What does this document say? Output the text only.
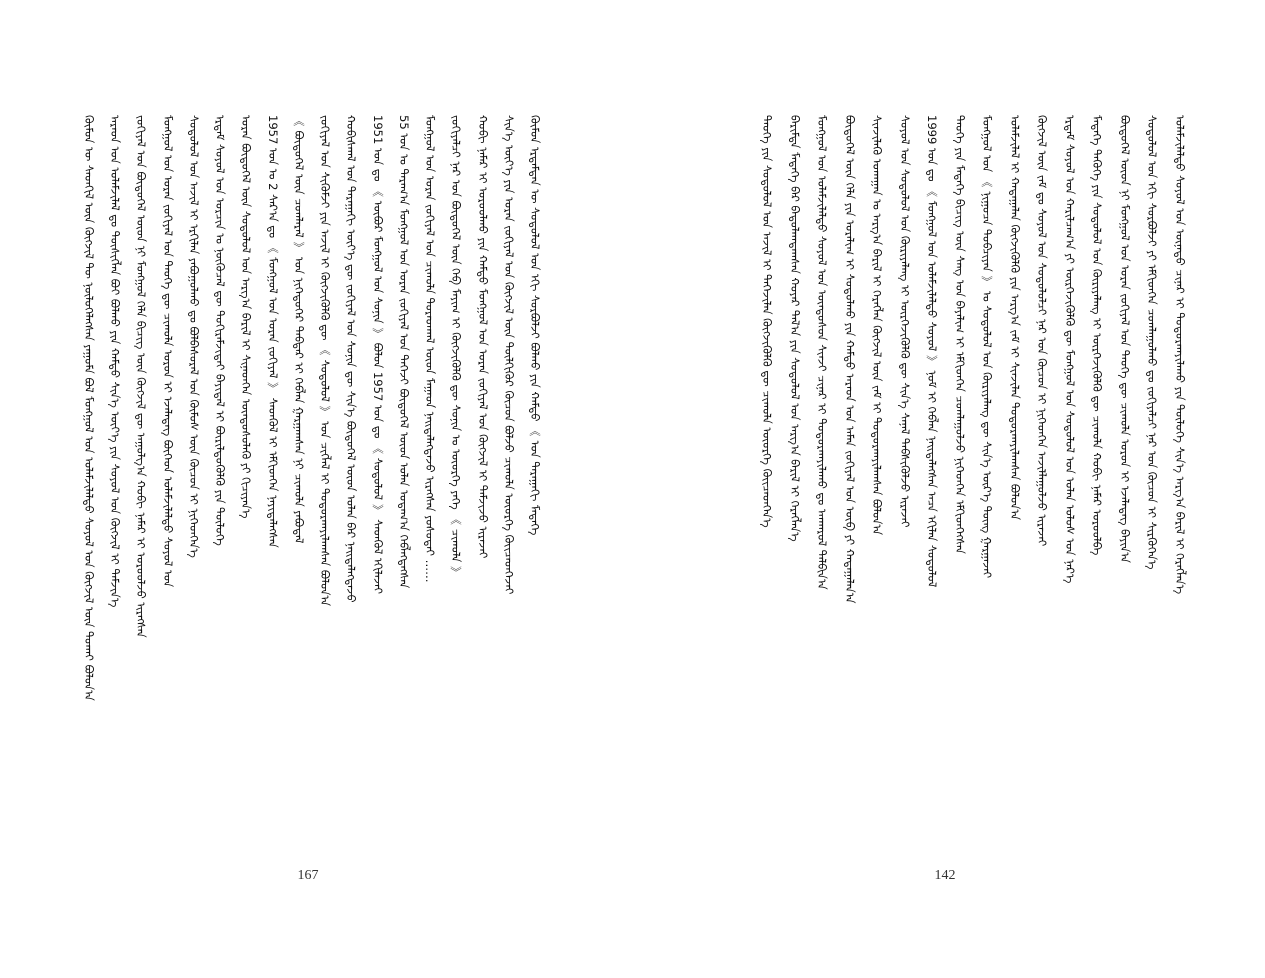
ᠬᠦᠮᠦᠨ ᠦ ᠰᠡᠳᠬᠢᠯ ᠦᠨ ᠬᠦᠭᠵᠢᠯ ᠲᠦ ᠨᠦᠯᠦᠭᠡᠯᠡᠭᠰᠡᠨ ᠶᠠᠭᠤᠮᠠ ᠪᠣᠯ ᠮᠣᠩᠭᠣᠯ ᠤᠨ ᠤᠯᠠᠮᠵᠢᠯᠠᠯᠲᠤ ᠰᠣᠶᠤᠯ ᠤᠨ ᠬᠥᠭᠵᠢᠯ ᠦᠨ ᠲᠤᠬᠠᠢ ᠪᠣᠯᠤᠨ᠎ᠠ ᠠᠷᠠᠳ ᠤᠨ ᠤᠯᠠᠮᠵᠢᠯᠠᠯ ᠳᠤ ᠲᠦᠰᠢᠭᠯᠡᠨ ᠪᠤᠢ ᠪᠣᠯᠬᠤ ᠶᠢᠨ ᠬᠠᠮᠲᠤ ᠰᠢᠨ᠎ᠡ ᠦᠶ᠎ᠡ ᠶᠢᠨ ᠰᠣᠶᠤᠯ ᠤᠨ ᠬᠥᠭᠵᠢᠯ ᠢ ᠳᠡᠮᠵᠢᠨ᠎ᠡ ᠵᠣᠬᠢᠶᠠᠯ ᠤᠨ ᠪᠦᠲᠦᠭᠡᠯ ᠦᠳ ᠨᠢ ᠮᠣᠩᠭᠣᠯ ᠬᠡᠯᠡ ᠪᠢᠴᠢᠭ ᠦᠨ ᠬᠥᠭᠵᠢᠯ ᠳᠦ ᠠᠭᠤᠯᠭ᠎ᠠ ᠬᠤᠪᠢ ᠨᠡᠮᠡᠷ ᠢ ᠣᠷᠤᠤᠯᠵᠤ ᠢᠷᠡᠭᠰᠡᠨ ᠮᠣᠩᠭᠣᠯ ᠤᠨ ᠤᠷᠠᠨ ᠵᠣᠬᠢᠶᠠᠯ ᠤᠨ ᠲᠡᠦᠬᠡ ᠳᠦ ᠴᠢᠬᠤᠯᠠ ᠤᠷᠤᠨ ᠢ ᠡᠵᠡᠯᠡᠳᠡᠭ ᠪᠥᠭᠡᠳ ᠤᠯᠠᠮᠵᠢᠯᠠᠯᠲᠤ ᠰᠣᠶᠤᠯ ᠤᠨ ᠰᠤᠳᠤᠯᠤᠯ ᠤᠨ ᠠᠵᠢᠯ ᠢ ᠡᠷᠬᠢᠯᠡᠨ ᠶᠠᠪᠤᠭᠤᠯᠬᠤ ᠳᠤ ᠪᠣᠯᠪᠠᠰᠤᠷᠠᠯ ᠤᠨ ᠬᠦᠮᠦᠰ ᠦᠨ ᠬᠦᠴᠦᠨ ᠢ ᠨᠢᠭᠡᠳᠬᠡᠨ᠎ᠡ ᠡᠷᠳᠡᠮ ᠰᠣᠶᠤᠯ ᠤᠨ ᠣᠷᠴᠢᠨ ᠤ ᠨᠥᠬᠦᠴᠡᠯ ᠳᠦ ᠲᠣᠬᠢᠷᠠᠮᠵᠢᠲᠠᠢ ᠪᠠᠶᠢᠳᠠᠯ ᠢ ᠪᠦᠷᠢᠯᠳᠦᠭᠦᠯᠬᠦ ᠶᠢᠨ ᠲᠥᠯᠥᠭᠡ ᠤᠷᠠᠨ ᠪᠦᠲᠦᠭᠡᠯ ᠦᠨ ᠰᠤᠳᠤᠯᠤᠯ ᠤᠨ ᠠᠷᠭ᠎ᠠ ᠪᠠᠷᠢᠯ ᠢ ᠰᠢᠨᠡᠳᠭᠡᠨ ᠦᠨᠳᠦᠰᠦᠯᠡᠬᠦ ᠶᠢ ᠬᠢᠴᠢᠶᠡᠨ᠎ᠡ 1957 ᠣᠨ ᠤ 2 ᠰᠠᠷ᠎ᠠ ᠳᠤ 《 ᠮᠣᠩᠭᠣᠯ ᠤᠨ ᠤᠷᠠᠨ ᠵᠣᠬᠢᠶᠠᠯ 》 ᠰᠡᠳᠬᠦᠯ ᠢ ᠡᠮᠬᠢᠳᠬᠡᠨ ᠨᠡᠶᠢᠲᠡᠯᠡᠭᠰᠡᠨ 《 ᠪᠦᠲᠦᠭᠡᠯ ᠦᠨ ᠴᠤᠭᠯᠠᠷᠠᠯ 》 ᠤᠨ ᠨᠢᠭᠡᠳᠦᠭᠡᠷ ᠳᠡᠪᠲᠡᠷ ᠢ ᠬᠡᠪᠯᠡᠨ ᠭᠠᠷᠭᠠᠭᠰᠠᠨ ᠨᠢ ᠴᠢᠬᠤᠯᠠ ᠶᠠᠪᠤᠳᠠᠯ ᠵᠣᠬᠢᠶᠠᠯ ᠤᠨ ᠰᠢᠭᠦᠮᠵᠢ ᠶᠢᠨ ᠠᠵᠢᠯ ᠢ ᠬᠥᠭᠵᠢᠭᠦᠯᠬᠦ ᠳᠦ 《 ᠰᠤᠳᠤᠯᠤᠯ 》 ᠤᠨ ᠴᠢᠭᠯᠡᠯ ᠢ ᠲᠣᠳᠤᠷᠬᠠᠶᠢᠯᠠᠭᠰᠠᠨ ᠪᠣᠯᠤᠨ᠎ᠠ ᠬᠤᠪᠢᠰᠬᠠᠯ ᠤᠨ ᠳᠠᠷᠠᠭᠠᠬᠢ ᠦᠶ᠎ᠡ ᠳᠦ ᠵᠣᠬᠢᠶᠠᠯ ᠤᠨ ᠰᠣᠨᠢᠨ ᠳᠦ ᠰᠢᠨ᠎ᠡ ᠪᠦᠲᠦᠭᠡᠯ ᠦᠳ ᠣᠯᠠᠨ ᠪᠡᠷ ᠨᠡᠢᠲᠡᠯᠡᠭᠳᠡᠵᠦ 1951 ᠣᠨ ᠳᠤ 《 ᠥᠪᠦᠷ ᠮᠣᠩᠭᠣᠯ ᠤᠨ ᠰᠣᠨᠢᠨ 》 ᠪᠣᠯᠤᠨ 1957 ᠣᠨ ᠳᠤ 《 ᠰᠤᠳᠤᠯᠤᠯ 》 ᠰᠡᠳᠬᠦᠯ ᠡᠬᠢᠯᠡᠵᠡᠢ 55 ᠣᠨ ᠤ ᠳᠠᠷᠠᠭ᠎ᠠ ᠮᠣᠩᠭᠣᠯ ᠤᠨ ᠤᠷᠠᠨ ᠵᠣᠬᠢᠶᠠᠯ ᠤᠨ ᠳᠡᠭᠡᠵᠢ ᠪᠦᠲᠦᠭᠡᠯ ᠦᠳ ᠣᠯᠠᠨ ᠤᠳᠠᠭ᠎ᠠ ᠬᠡᠪᠯᠡᠭᠳᠡᠭᠰᠡᠨ ᠮᠣᠩᠭᠣᠯ ᠤᠨ ᠤᠷᠠᠨ ᠵᠣᠬᠢᠶᠠᠯ ᠤᠨ ᠴᠢᠬᠤᠯᠠ ᠳᠤᠷᠠᠳᠬᠠᠯ ᠦᠳ ᠮᠠᠭᠠᠳ ᠨᠡᠢᠲᠡᠯᠡᠭᠳᠡᠵᠦ ᠢᠷᠡᠭᠰᠡᠨ ᠶᠣᠰᠣᠲᠠᠢ …… ᠵᠣᠬᠢᠶᠠᠯᠴᠢ ᠨᠠᠷ ᠤᠨ ᠪᠦᠲᠦᠭᠡᠯ ᠦᠨ ᠬᠡᠪ ᠮᠠᠶᠢᠭ ᠢ ᠬᠥᠭᠵᠢᠭᠦᠯᠬᠦ ᠳᠦ ᠰᠣᠨᠢᠨ ᠤ ᠦᠦᠷᠭᠡ ᠶᠡᠬᠡ 《 ᠴᠢᠬᠤᠯᠠ 》 ᠬᠤᠪᠢ ᠨᠡᠮᠡᠷ ᠢ ᠣᠷᠤᠤᠯᠬᠤ ᠶᠢᠨ ᠬᠠᠮᠲᠤ ᠮᠣᠩᠭᠣᠯ ᠤᠨ ᠤᠷᠠᠨ ᠵᠣᠬᠢᠶᠠᠯ ᠤᠨ ᠬᠥᠭᠵᠢᠯ ᠢ ᠳᠡᠮᠵᠢᠵᠦ ᠢᠷᠡᠵᠡᠢ ᠰᠢᠨ᠎ᠡ ᠦᠶ᠎ᠡ ᠶᠢᠨ ᠤᠷᠠᠨ ᠵᠣᠬᠢᠶᠠᠯ ᠤᠨ ᠬᠥᠭᠵᠢᠯ ᠦᠨ ᠲᠦᠯᠬᠢᠭᠦᠷ ᠬᠦᠴᠦᠨ ᠪᠣᠯᠵᠤ ᠴᠢᠬᠤᠯᠠ ᠦᠦᠷᠭᠡ ᠭᠦᠢᠴᠡᠳᠭᠡᠵᠡᠢ ᠬᠦᠮᠦᠨ ᠡᠷᠳᠡᠮᠲᠡᠨ ᠦ ᠰᠤᠳᠤᠯᠤᠯ ᠤᠨ ᠡᠬᠢ ᠰᠤᠷᠪᠤᠯᠵᠢ ᠪᠣᠯᠬᠤ ᠶᠢᠨ ᠬᠠᠮᠲᠤ 《 ᠣᠨ ᠳᠠᠷᠠᠭᠠᠬᠢ ᠮᠡᠳᠡᠭᠡ
167
ᠲᠡᠦᠬᠡ ᠶᠢᠨ ᠰᠤᠳᠤᠯᠤᠯ ᠤᠨ ᠠᠵᠢᠯ ᠢ ᠳᠡᠭᠡᠵᠢᠯᠡᠨ ᠬᠥᠭᠵᠢᠭᠦᠯᠬᠦ ᠳᠦ ᠴᠢᠬᠤᠯᠠ ᠦᠦᠷᠭᠡ ᠭᠦᠢᠴᠡᠳᠭᠡᠨ᠎ᠡ ᠪᠠᠷᠢᠮᠲᠠ ᠮᠡᠳᠡᠭᠡ ᠪᠠᠷ ᠪᠠᠲᠤᠯᠠᠭᠳᠠᠭᠰᠠᠨ ᠬᠣᠶᠠᠷ ᠲᠠᠯ᠎ᠠ ᠶᠢᠨ ᠰᠤᠳᠤᠯᠤᠯ ᠤᠨ ᠠᠷᠭ᠎ᠠ ᠪᠠᠷᠢᠯ ᠢ ᠬᠡᠷᠡᠭᠯᠡᠨ᠎ᠡ ᠮᠣᠩᠭᠣᠯ ᠤᠨ ᠤᠯᠠᠮᠵᠢᠯᠠᠯᠲᠤ ᠰᠣᠶᠤᠯ ᠤᠨ ᠦᠨᠳᠦᠰᠦᠨ ᠰᠢᠨᠵᠢ ᠴᠢᠨᠠᠷ ᠢ ᠲᠣᠳᠤᠷᠬᠠᠶᠢᠯᠠᠬᠤ ᠳᠤ ᠠᠨᠬᠠᠷᠤᠯ ᠲᠠᠯᠪᠢᠨ᠎ᠠ ᠪᠦᠲᠦᠭᠡᠯ ᠦᠨ ᠬᠡᠯᠡ ᠶᠢᠨ ᠤᠷᠠᠯᠢᠭ ᠢ ᠰᠤᠳᠤᠯᠬᠤ ᠶᠢᠨ ᠬᠠᠮᠲᠤ ᠠᠷᠠᠳ ᠤᠨ ᠠᠮᠠᠨ ᠵᠣᠬᠢᠶᠠᠯ ᠤᠨ ᠥᠪ ᠶᠢ ᠬᠠᠳᠠᠭᠠᠯᠠᠨ᠎ᠠ ᠰᠢᠨᠵᠢᠯᠡᠬᠦ ᠤᠬᠠᠭᠠᠨ ᠤ ᠠᠷᠭ᠎ᠠ ᠪᠠᠷᠢᠯ ᠢ ᠬᠡᠷᠡᠭᠯᠡᠨ ᠬᠥᠭᠵᠢᠯ ᠦᠨ ᠵᠠᠮ ᠢ ᠲᠣᠳᠤᠷᠬᠠᠶᠢᠯᠠᠭᠰᠠᠨ ᠪᠣᠯᠤᠨ᠎ᠠ ᠰᠣᠶᠤᠯ ᠤᠨ ᠰᠤᠳᠤᠯᠤᠯ ᠤᠨ ᠬᠦᠷᠢᠶᠡᠯᠡᠩ ᠢ ᠥᠷᠭᠡᠵᠢᠭᠦᠯᠬᠦ ᠳᠦ ᠰᠢᠨ᠎ᠡ ᠰᠠᠨᠠᠯ ᠳᠡᠪᠰᠢᠭᠦᠯᠵᠦ ᠢᠷᠡᠵᠡᠢ 1999 ᠣᠨ ᠳᠤ 《 ᠮᠣᠩᠭᠣᠯ ᠤᠨ ᠤᠯᠠᠮᠵᠢᠯᠠᠯᠲᠤ ᠰᠣᠶᠤᠯ 》 ᠨᠣᠮ ᠢ ᠬᠡᠪᠯᠡᠨ ᠨᠡᠢᠲᠡᠯᠡᠭᠰᠡᠨ ᠠᠴᠠ ᠡᠬᠢᠯᠡᠨ ᠰᠤᠳᠤᠯᠤᠯ ᠲᠡᠦᠬᠡ ᠶᠢᠨ ᠮᠡᠳᠡᠭᠡ ᠪᠢᠴᠢᠭ ᠦᠨ ᠰᠠᠩ ᠤᠨ ᠪᠠᠶᠠᠯᠢᠭ ᠢ ᠡᠮᠬᠢᠳᠬᠡᠨ ᠴᠤᠭᠯᠠᠭᠤᠯᠵᠤ ᠨᠢᠭᠡᠳᠬᠡᠨ ᠡᠮᠬᠢᠳᠬᠡᠭᠰᠡᠨ ᠮᠣᠩᠭᠣᠯ ᠤᠨ 《 ᠨᠢᠭᠤᠴᠠ ᠲᠣᠪᠴᠢᠶᠠᠨ 》 ᠤ ᠰᠤᠳᠤᠯᠤᠯ ᠤᠨ ᠬᠦᠷᠢᠶᠡᠯᠡᠩ ᠳᠦ ᠰᠢᠨ᠎ᠡ ᠦᠷ᠎ᠡ ᠳᠦᠩ ᠭᠠᠷᠭᠠᠵᠡᠢ ᠤᠯᠠᠮᠵᠢᠯᠠᠯ ᠢ ᠬᠠᠳᠠᠭᠠᠯᠠᠨ ᠬᠥᠭᠵᠢᠭᠦᠯᠬᠦ ᠶᠢᠨ ᠠᠷᠭ᠎ᠠ ᠵᠠᠮ ᠢ ᠰᠢᠨᠵᠢᠯᠡᠨ ᠲᠣᠳᠤᠷᠬᠠᠶᠢᠯᠠᠭᠰᠠᠨ ᠪᠣᠯᠤᠨ᠎ᠠ ᠬᠥᠭᠵᠢᠯ ᠦᠨ ᠵᠠᠮ ᠳᠤ ᠰᠣᠶᠤᠯ ᠤᠨ ᠰᠤᠳᠤᠯᠤᠯᠴᠢ ᠨᠠᠷ ᠤᠨ ᠬᠦᠴᠦᠨ ᠢ ᠨᠢᠭᠡᠳᠬᠡᠨ ᠠᠵᠢᠯᠯᠠᠭᠤᠯᠵᠤ ᠢᠷᠡᠵᠡᠢ ᠡᠷᠳᠡᠮ ᠰᠣᠶᠤᠯ ᠤᠨ ᠬᠠᠷᠢᠯᠴᠠᠭ᠎ᠠ ᠶᠢ ᠥᠷᠭᠡᠵᠢᠭᠦᠯᠬᠦ ᠳᠦ ᠮᠣᠩᠭᠣᠯ ᠤᠨ ᠰᠤᠳᠤᠯᠤᠯ ᠤᠨ ᠣᠯᠠᠨ ᠤᠯᠤᠰ ᠤᠨ ᠨᠡᠷ᠎ᠡ ᠮᠡᠳᠡᠭᠡ ᠲᠡᠭᠦᠬᠡ ᠶᠢᠨ ᠰᠤᠳᠤᠯᠤᠯ ᠤᠨ ᠬᠦᠷᠢᠶᠡᠯᠡᠩ ᠢ ᠥᠷᠭᠡᠵᠢᠭᠦᠯᠬᠦ ᠳᠦ ᠴᠢᠬᠤᠯᠠ ᠬᠤᠪᠢ ᠨᠡᠮᠡᠷ ᠣᠷᠤᠤᠯᠪᠠ ᠪᠦᠲᠦᠭᠡᠯ ᠦᠳ ᠨᠢ ᠮᠣᠩᠭᠣᠯ ᠤᠨ ᠤᠷᠠᠨ ᠵᠣᠬᠢᠶᠠᠯ ᠤᠨ ᠲᠡᠦᠬᠡ ᠳᠦ ᠴᠢᠬᠤᠯᠠ ᠤᠷᠤᠨ ᠢ ᠡᠵᠡᠯᠡᠳᠡᠭ ᠪᠠᠶᠢᠨ᠎ᠠ ᠰᠤᠳᠤᠯᠤᠯ ᠤᠨ ᠡᠬᠢ ᠰᠤᠷᠪᠤᠯᠵᠢ ᠶᠢ ᠡᠮᠬᠢᠳᠬᠡᠨ ᠴᠤᠭᠯᠠᠭᠤᠯᠬᠤ ᠳᠤ ᠵᠣᠬᠢᠶᠠᠯᠴᠢ ᠨᠠᠷ ᠤᠨ ᠬᠦᠴᠦᠨ ᠢ ᠰᠢᠷᠭᠦᠭᠡᠨ᠎ᠡ ᠤᠯᠠᠮᠵᠢᠯᠠᠯᠲᠤ ᠰᠣᠶᠤᠯ ᠤᠨ ᠦᠨᠡᠲᠦ ᠴᠢᠨᠠᠷ ᠢ ᠲᠣᠳᠤᠷᠬᠠᠶᠢᠯᠠᠬᠤ ᠶᠢᠨ ᠲᠥᠯᠥᠭᠡ ᠰᠢᠨ᠎ᠡ ᠠᠷᠭ᠎ᠠ ᠪᠠᠷᠢᠯ ᠢ ᠬᠡᠷᠡᠭᠯᠡᠨ᠎ᠡ
142
